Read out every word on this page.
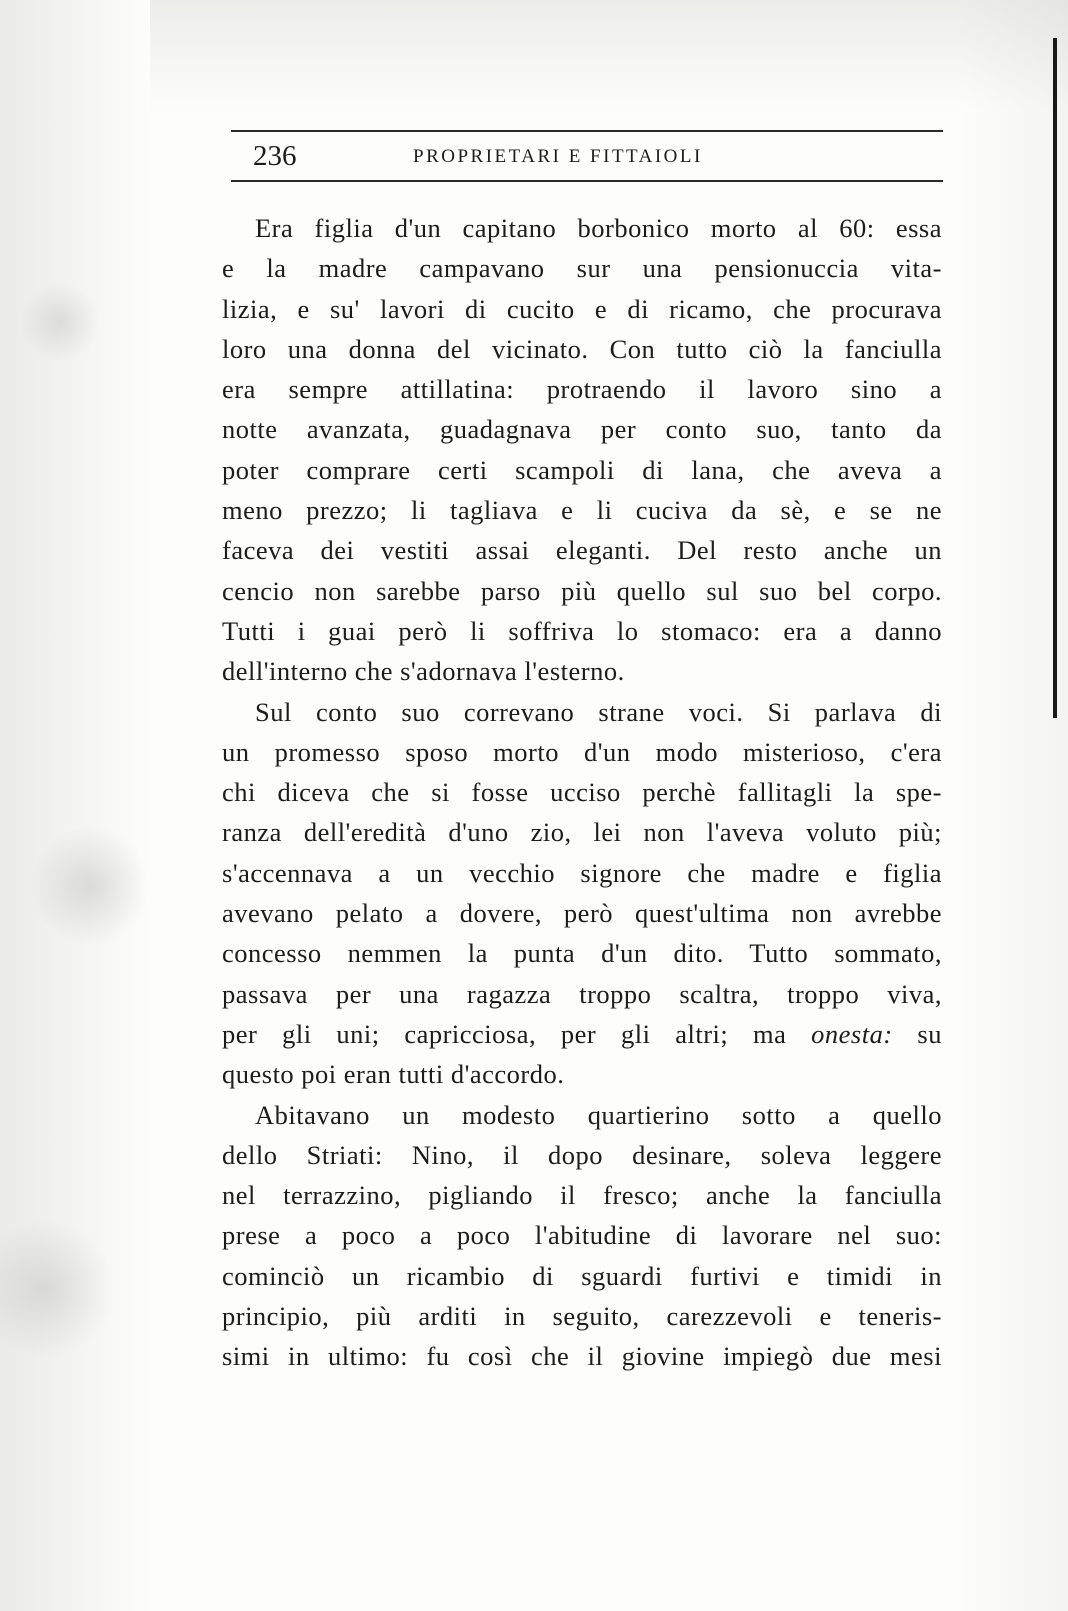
236	PROPRIETARI E FITTAIOLI

Era figlia d'un capitano borbonico morto al 60: essa
e la madre campavano sur una pensionuccia vita-
lizia, e su' lavori di cucito e di ricamo, che procurava
loro una donna del vicinato. Con tutto ciò la fanciulla
era sempre attillatina: protraendo il lavoro sino a
notte avanzata, guadagnava per conto suo, tanto da
poter comprare certi scampoli di lana, che aveva a
meno prezzo; li tagliava e li cuciva da sè, e se ne
faceva dei vestiti assai eleganti. Del resto anche un
cencio non sarebbe parso più quello sul suo bel corpo.
Tutti i guai però li soffriva lo stomaco: era a danno
dell'interno che s'adornava l'esterno.

Sul conto suo correvano strane voci. Si parlava di
un promesso sposo morto d'un modo misterioso, c'era
chi diceva che si fosse ucciso perchè fallitagli la spe-
ranza dell'eredità d'uno zio, lei non l'aveva voluto più;
s'accennava a un vecchio signore che madre e figlia
avevano pelato a dovere, però quest'ultima non avrebbe
concesso nemmen la punta d'un dito. Tutto sommato,
passava per una ragazza troppo scaltra, troppo viva,
per gli uni; capricciosa, per gli altri; ma onesta: su
questo poi eran tutti d'accordo.

Abitavano un modesto quartierino sotto a quello
dello Striati: Nino, il dopo desinare, soleva leggere
nel terrazzino, pigliando il fresco; anche la fanciulla
prese a poco a poco l'abitudine di lavorare nel suo:
cominciò un ricambio di sguardi furtivi e timidi in
principio, più arditi in seguito, carezzevoli e teneris-
simi in ultimo: fu così che il giovine impiegò due mesi
